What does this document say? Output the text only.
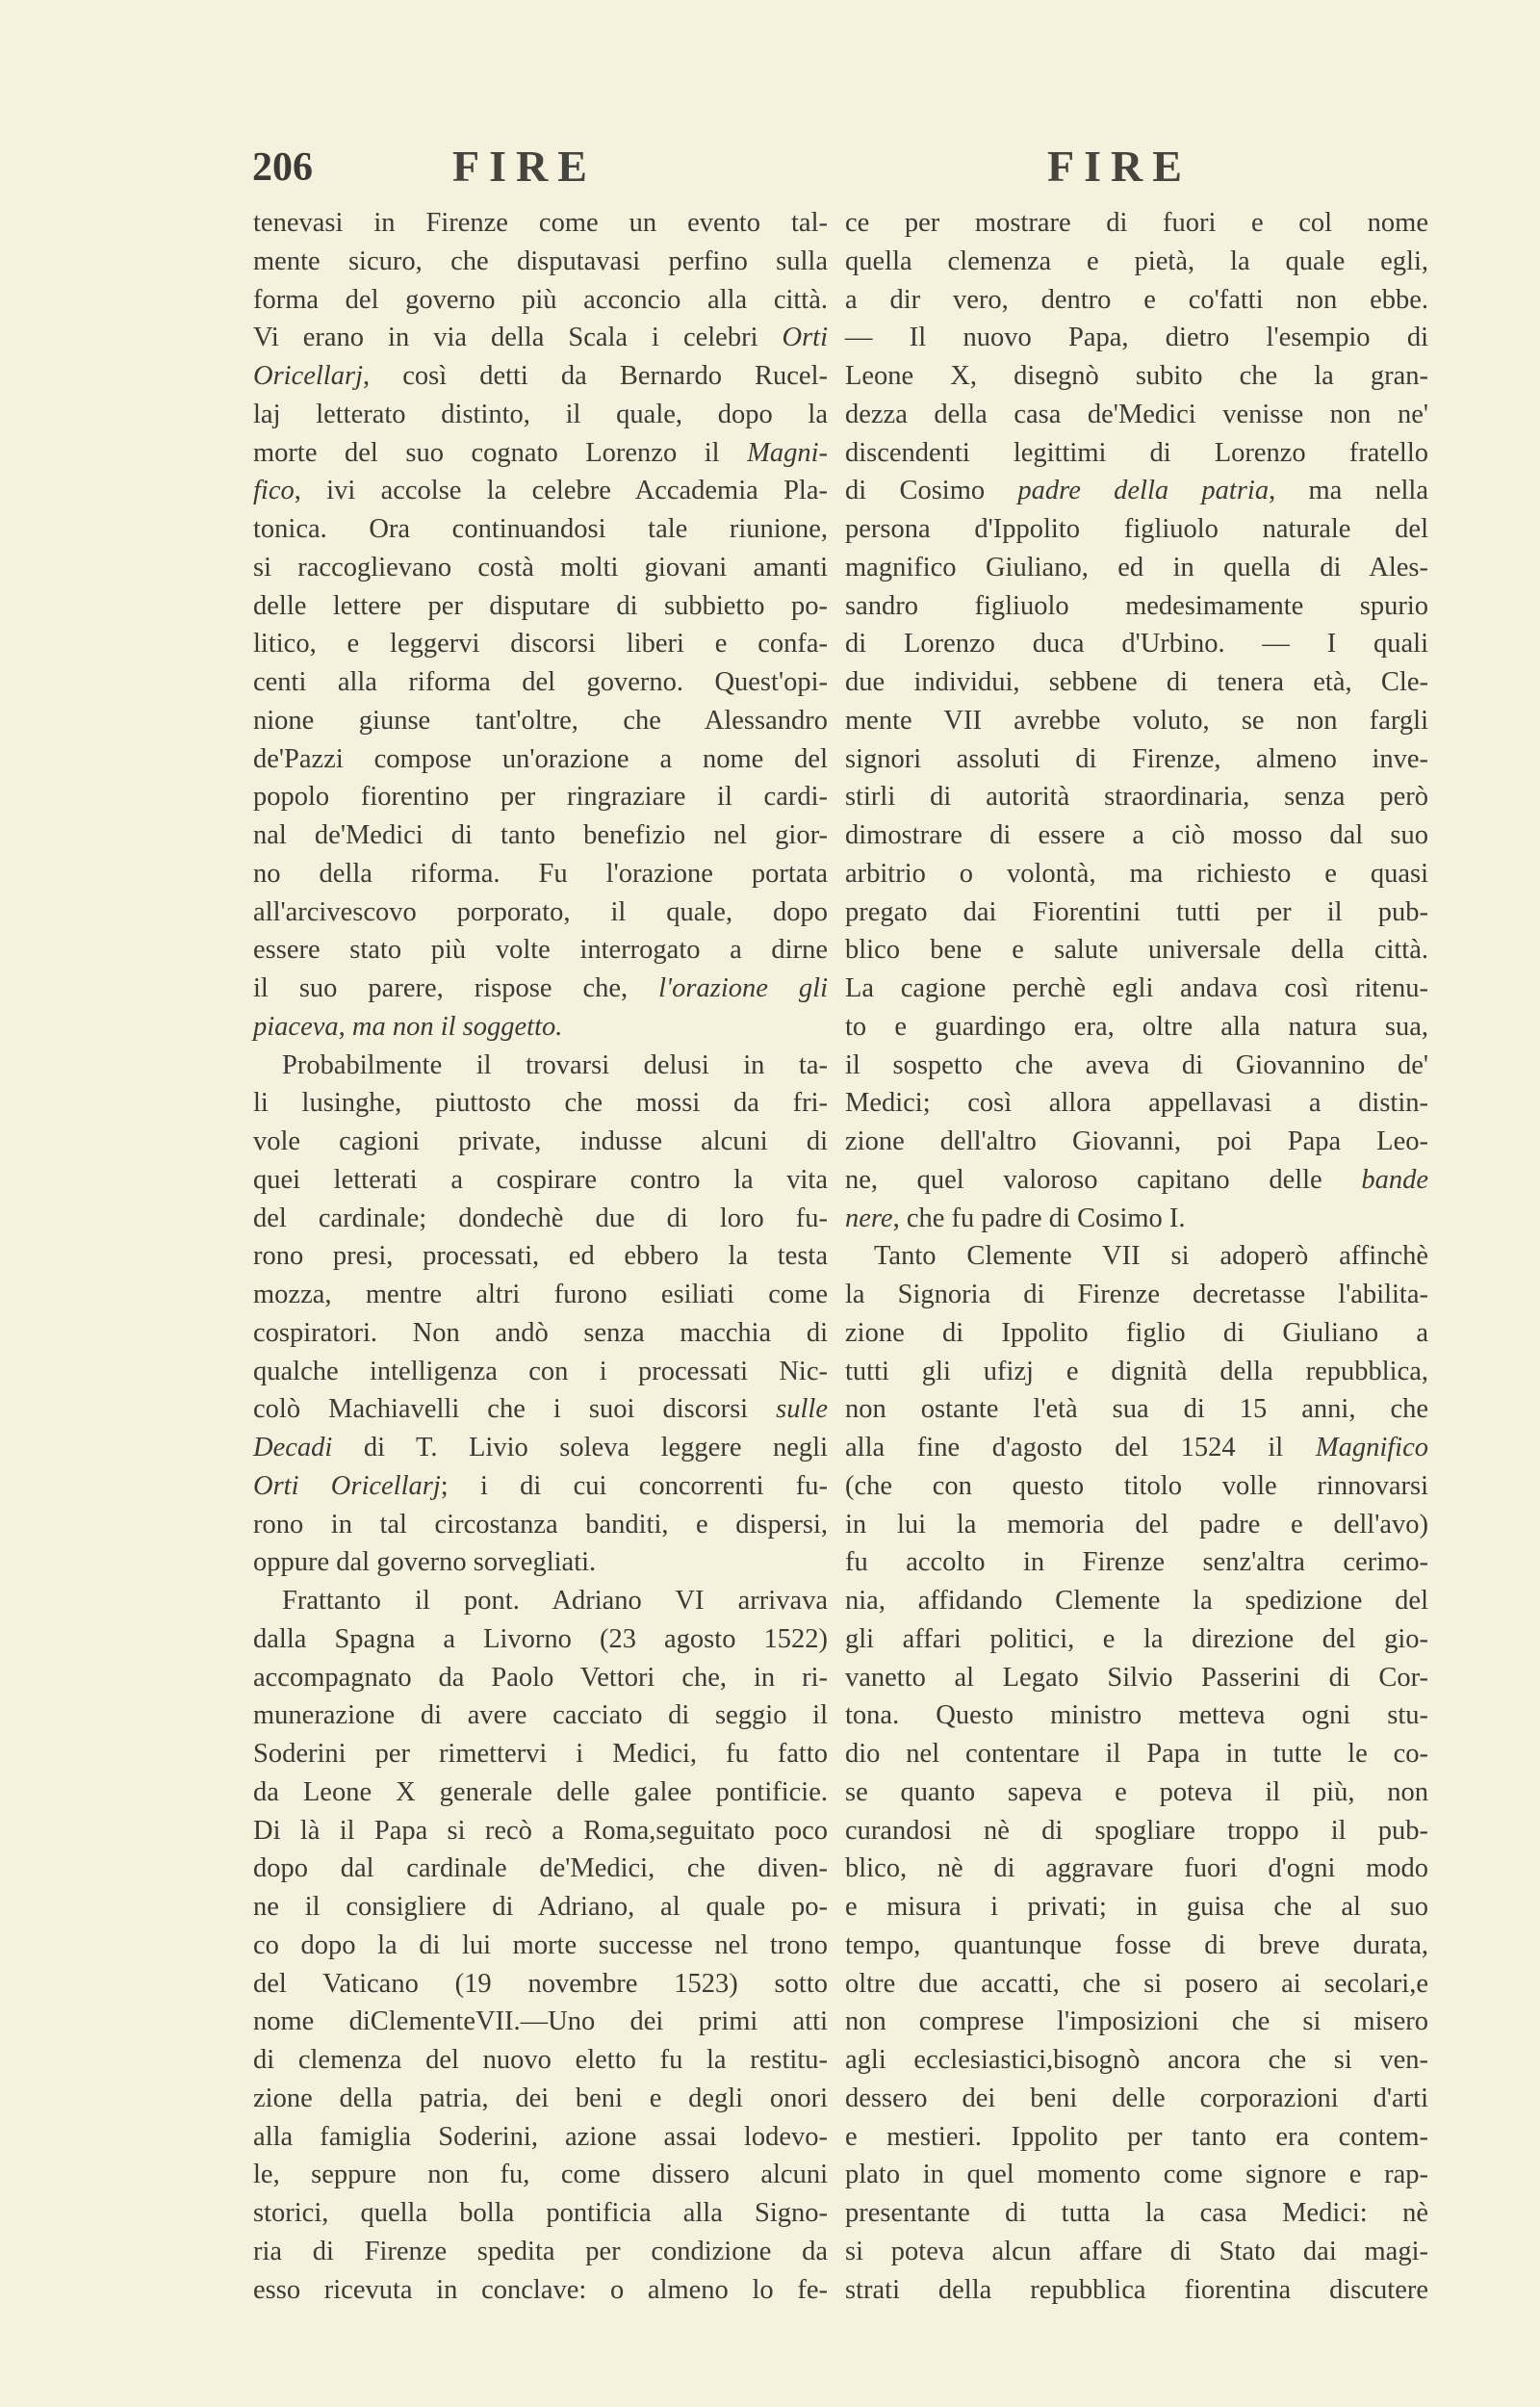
206	FIRE	FIRE
tenevasi in Firenze come un evento tal-
mente sicuro, che disputavasi perfino sulla
forma del governo più acconcio alla città.
Vi erano in via della Scala i celebri Orti
Oricellarj, così detti da Bernardo Rucel-
laj letterato distinto, il quale, dopo la
morte del suo cognato Lorenzo il Magni-
fico, ivi accolse la celebre Accademia Pla-
tonica. Ora continuandosi tale riunione,
si raccoglievano costà molti giovani amanti
delle lettere per disputare di subbietto po-
litico, e leggervi discorsi liberi e confa-
centi alla riforma del governo. Quest'opi-
nione giunse tant'oltre, che Alessandro
de'Pazzi compose un'orazione a nome del
popolo fiorentino per ringraziare il cardi-
nal de'Medici di tanto benefizio nel gior-
no della riforma. Fu l'orazione portata
all'arcivescovo porporato, il quale, dopo
essere stato più volte interrogato a dirne
il suo parere, rispose che, l'orazione gli
piaceva, ma non il soggetto.
Probabilmente il trovarsi delusi in ta-
li lusinghe, piuttosto che mossi da fri-
vole cagioni private, indusse alcuni di
quei letterati a cospirare contro la vita
del cardinale; dondechè due di loro fu-
rono presi, processati, ed ebbero la testa
mozza, mentre altri furono esiliati come
cospiratori. Non andò senza macchia di
qualche intelligenza con i processati Nic-
colò Machiavelli che i suoi discorsi sulle
Decadi di T. Livio soleva leggere negli
Orti Oricellarj; i di cui concorrenti fu-
rono in tal circostanza banditi, e dispersi,
oppure dal governo sorvegliati.
Frattanto il pont. Adriano VI arrivava
dalla Spagna a Livorno (23 agosto 1522)
accompagnato da Paolo Vettori che, in ri-
munerazione di avere cacciato di seggio il
Soderini per rimettervi i Medici, fu fatto
da Leone X generale delle galee pontificie.
Di là il Papa si recò a Roma,seguitato poco
dopo dal cardinale de'Medici, che diven-
ne il consigliere di Adriano, al quale po-
co dopo la di lui morte successe nel trono
del Vaticano (19 novembre 1523) sotto
nome diClementeVII.—Uno dei primi atti
di clemenza del nuovo eletto fu la restitu-
zione della patria, dei beni e degli onori
alla famiglia Soderini, azione assai lodevo-
le, seppure non fu, come dissero alcuni
storici, quella bolla pontificia alla Signo-
ria di Firenze spedita per condizione da
esso ricevuta in conclave: o almeno lo fe-
ce per mostrare di fuori e col nome
quella clemenza e pietà, la quale egli,
a dir vero, dentro e co'fatti non ebbe.
— Il nuovo Papa, dietro l'esempio di
Leone X, disegnò subito che la gran-
dezza della casa de'Medici venisse non ne'
discendenti legittimi di Lorenzo fratello
di Cosimo padre della patria, ma nella
persona d'Ippolito figliuolo naturale del
magnifico Giuliano, ed in quella di Ales-
sandro figliuolo medesimamente spurio
di Lorenzo duca d'Urbino. — I quali
due individui, sebbene di tenera età, Cle-
mente VII avrebbe voluto, se non fargli
signori assoluti di Firenze, almeno inve-
stirli di autorità straordinaria, senza però
dimostrare di essere a ciò mosso dal suo
arbitrio o volontà, ma richiesto e quasi
pregato dai Fiorentini tutti per il pub-
blico bene e salute universale della città.
La cagione perchè egli andava così ritenu-
to e guardingo era, oltre alla natura sua,
il sospetto che aveva di Giovannino de'
Medici; così allora appellavasi a distin-
zione dell'altro Giovanni, poi Papa Leo-
ne, quel valoroso capitano delle bande
nere, che fu padre di Cosimo I.
Tanto Clemente VII si adoperò affinchè
la Signoria di Firenze decretasse l'abilita-
zione di Ippolito figlio di Giuliano a
tutti gli ufizj e dignità della repubblica,
non ostante l'età sua di 15 anni, che
alla fine d'agosto del 1524 il Magnifico
(che con questo titolo volle rinnovarsi
in lui la memoria del padre e dell'avo)
fu accolto in Firenze senz'altra cerimo-
nia, affidando Clemente la spedizione del
gli affari politici, e la direzione del gio-
vanetto al Legato Silvio Passerini di Cor-
tona. Questo ministro metteva ogni stu-
dio nel contentare il Papa in tutte le co-
se quanto sapeva e poteva il più, non
curandosi nè di spogliare troppo il pub-
blico, nè di aggravare fuori d'ogni modo
e misura i privati; in guisa che al suo
tempo, quantunque fosse di breve durata,
oltre due accatti, che si posero ai secolari,e
non comprese l'imposizioni che si misero
agli ecclesiastici,bisognò ancora che si ven-
dessero dei beni delle corporazioni d'arti
e mestieri. Ippolito per tanto era contem-
plato in quel momento come signore e rap-
presentante di tutta la casa Medici: nè
si poteva alcun affare di Stato dai magi-
strati della repubblica fiorentina discutere
